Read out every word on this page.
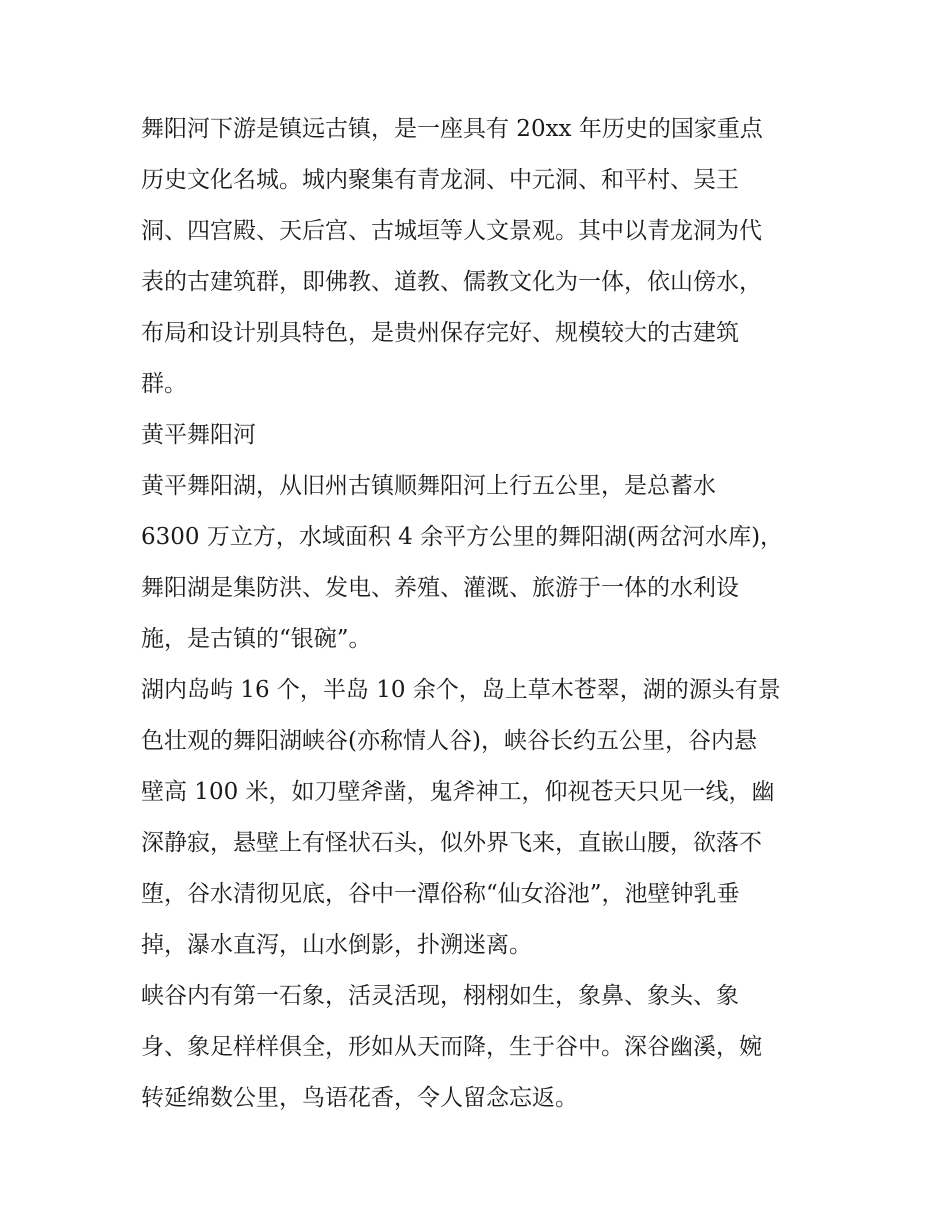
舞阳河下游是镇远古镇，是一座具有 20xx 年历史的国家重点
历史文化名城。城内聚集有青龙洞、中元洞、和平村、吴王
洞、四宫殿、天后宫、古城垣等人文景观。其中以青龙洞为代
表的古建筑群，即佛教、道教、儒教文化为一体，依山傍水，
布局和设计别具特色，是贵州保存完好、规模较大的古建筑
群。
黄平舞阳河
黄平舞阳湖，从旧州古镇顺舞阳河上行五公里，是总蓄水
6300 万立方，水域面积 4 余平方公里的舞阳湖(两岔河水库)，
舞阳湖是集防洪、发电、养殖、灌溉、旅游于一体的水利设
施，是古镇的“银碗”。
湖内岛屿 16 个，半岛 10 余个，岛上草木苍翠，湖的源头有景
色壮观的舞阳湖峡谷(亦称情人谷)，峡谷长约五公里，谷内悬
壁高 100 米，如刀壁斧凿，鬼斧神工，仰视苍天只见一线，幽
深静寂，悬壁上有怪状石头，似外界飞来，直嵌山腰，欲落不
堕，谷水清彻见底，谷中一潭俗称“仙女浴池”，池壁钟乳垂
掉，瀑水直泻，山水倒影，扑溯迷离。
峡谷内有第一石象，活灵活现，栩栩如生，象鼻、象头、象
身、象足样样俱全，形如从天而降，生于谷中。深谷幽溪，婉
转延绵数公里，鸟语花香，令人留念忘返。
